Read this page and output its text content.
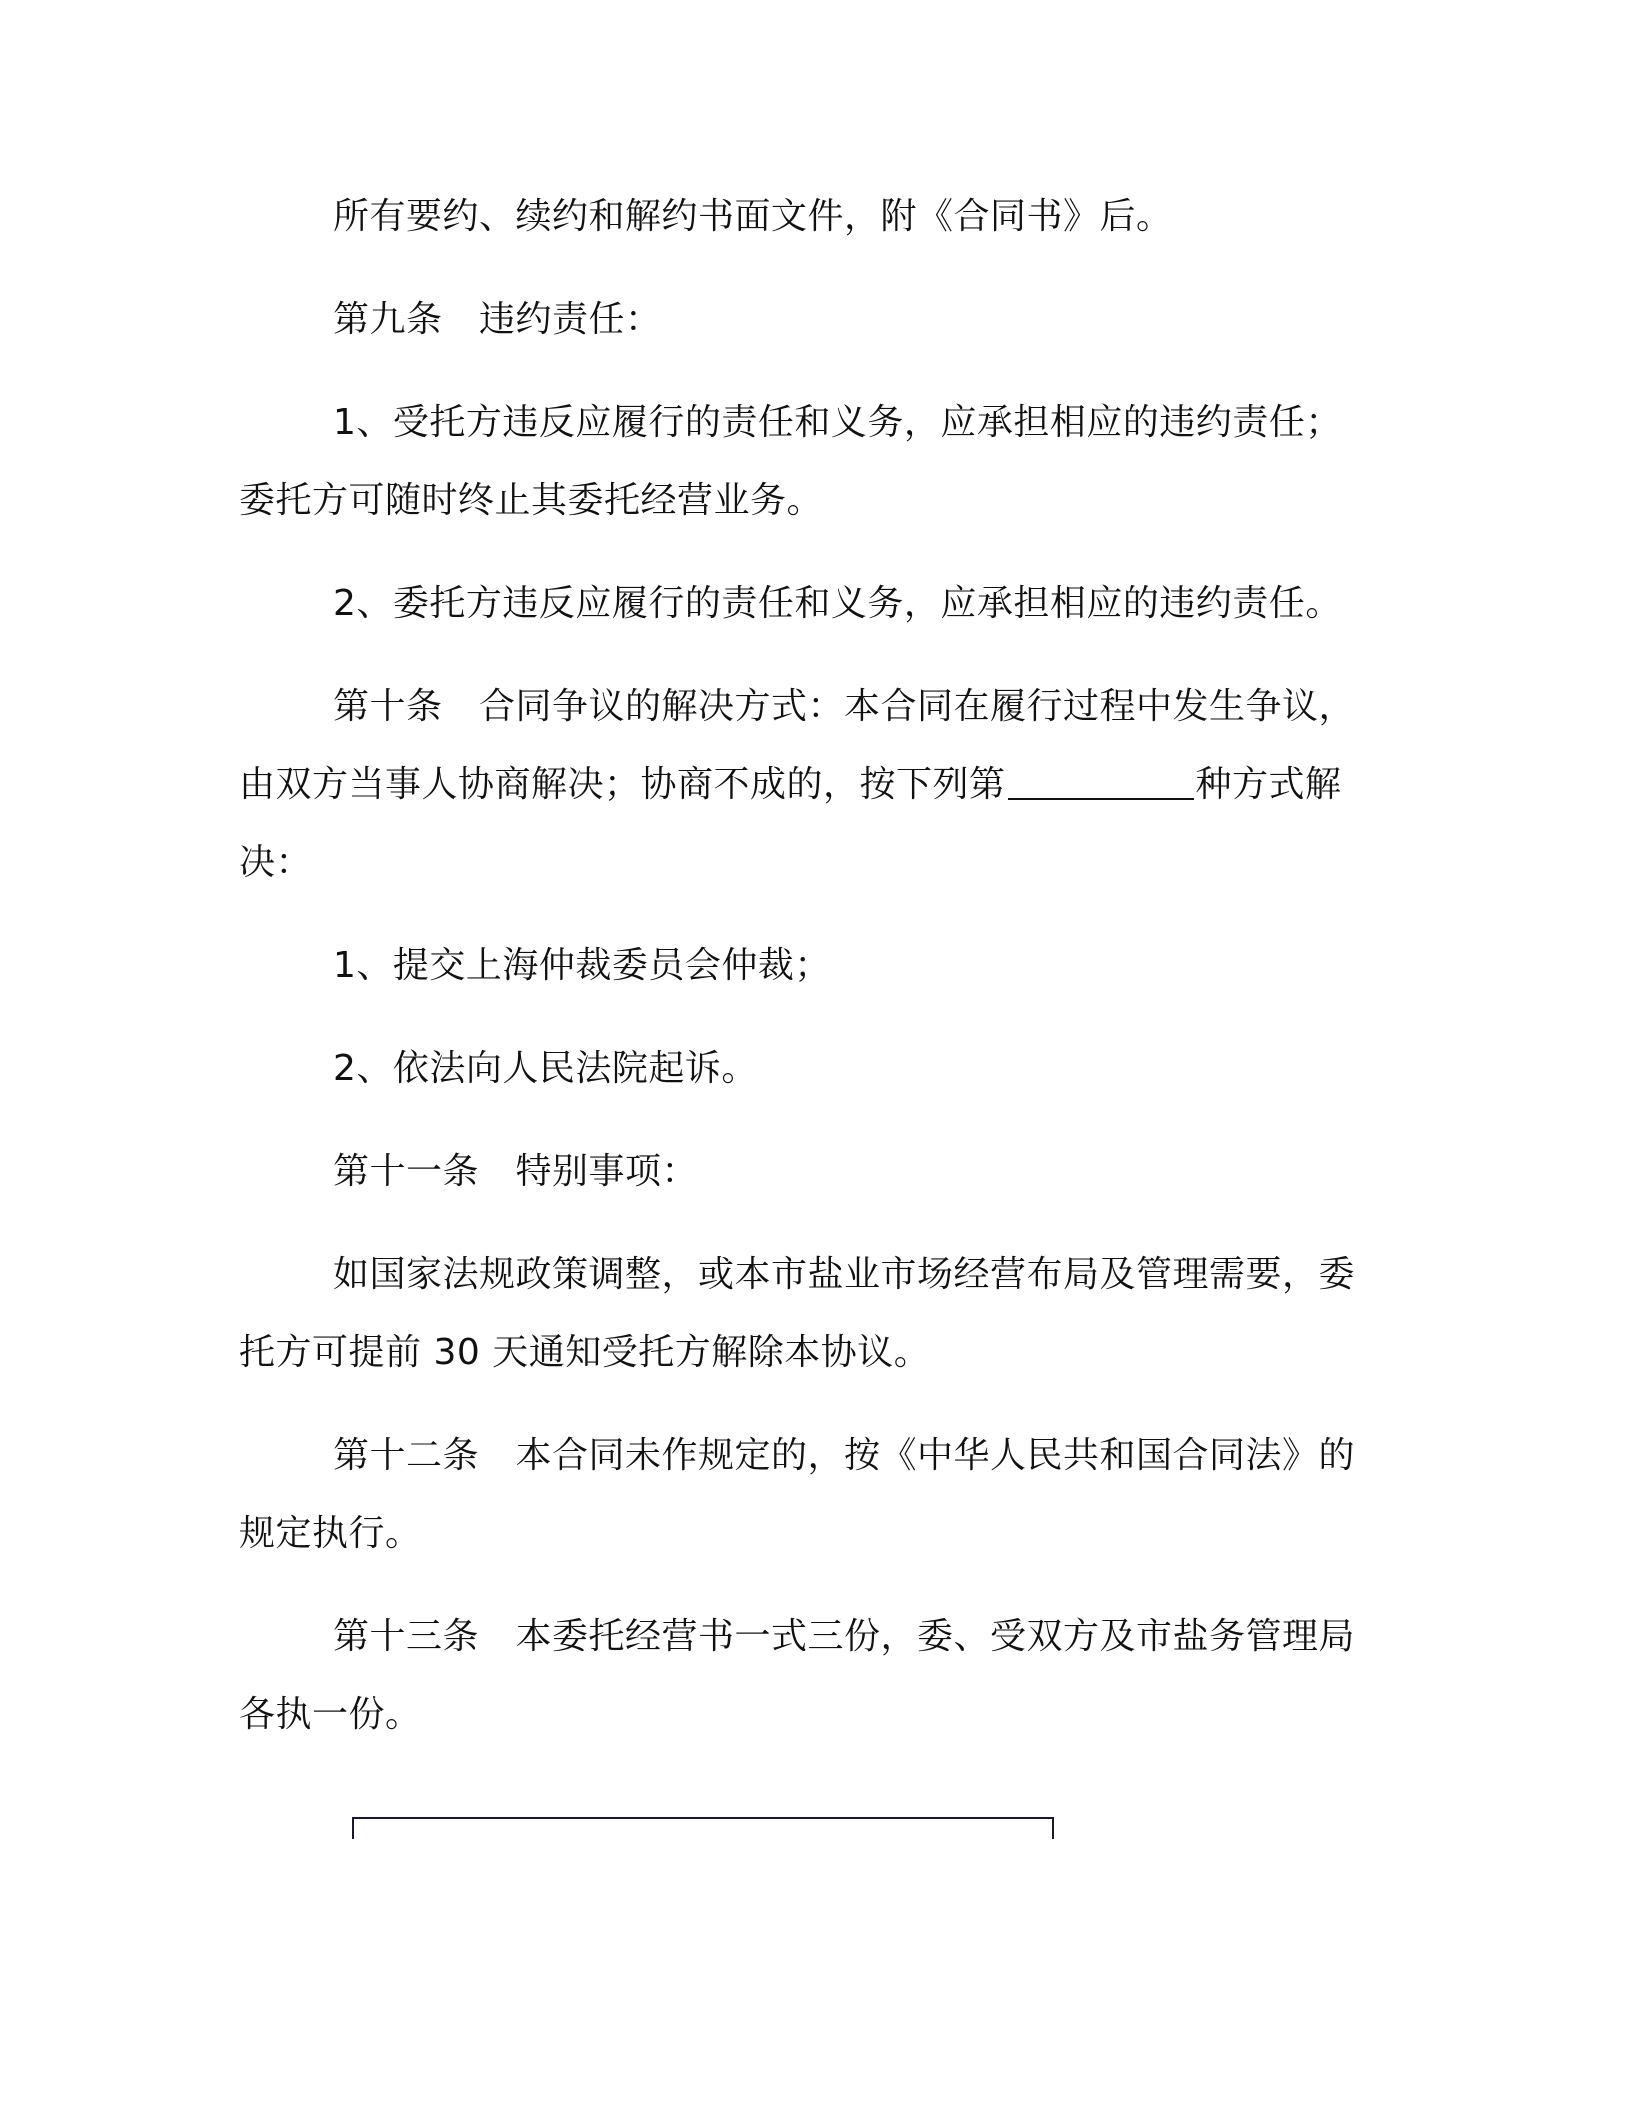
所有要约、续约和解约书面文件，附《合同书》后。
第九条　违约责任：
1、受托方违反应履行的责任和义务，应承担相应的违约责任；
委托方可随时终止其委托经营业务。
2、委托方违反应履行的责任和义务，应承担相应的违约责任。
第十条　合同争议的解决方式：本合同在履行过程中发生争议，
由双方当事人协商解决；协商不成的，按下列第	种方式解
决：
1、提交上海仲裁委员会仲裁；
2、依法向人民法院起诉。
第十一条　特别事项：
如国家法规政策调整，或本市盐业市场经营布局及管理需要，委
托方可提前 30 天通知受托方解除本协议。
第十二条　本合同未作规定的，按《中华人民共和国合同法》的
规定执行。
第十三条　本委托经营书一式三份，委、受双方及市盐务管理局
各执一份。
